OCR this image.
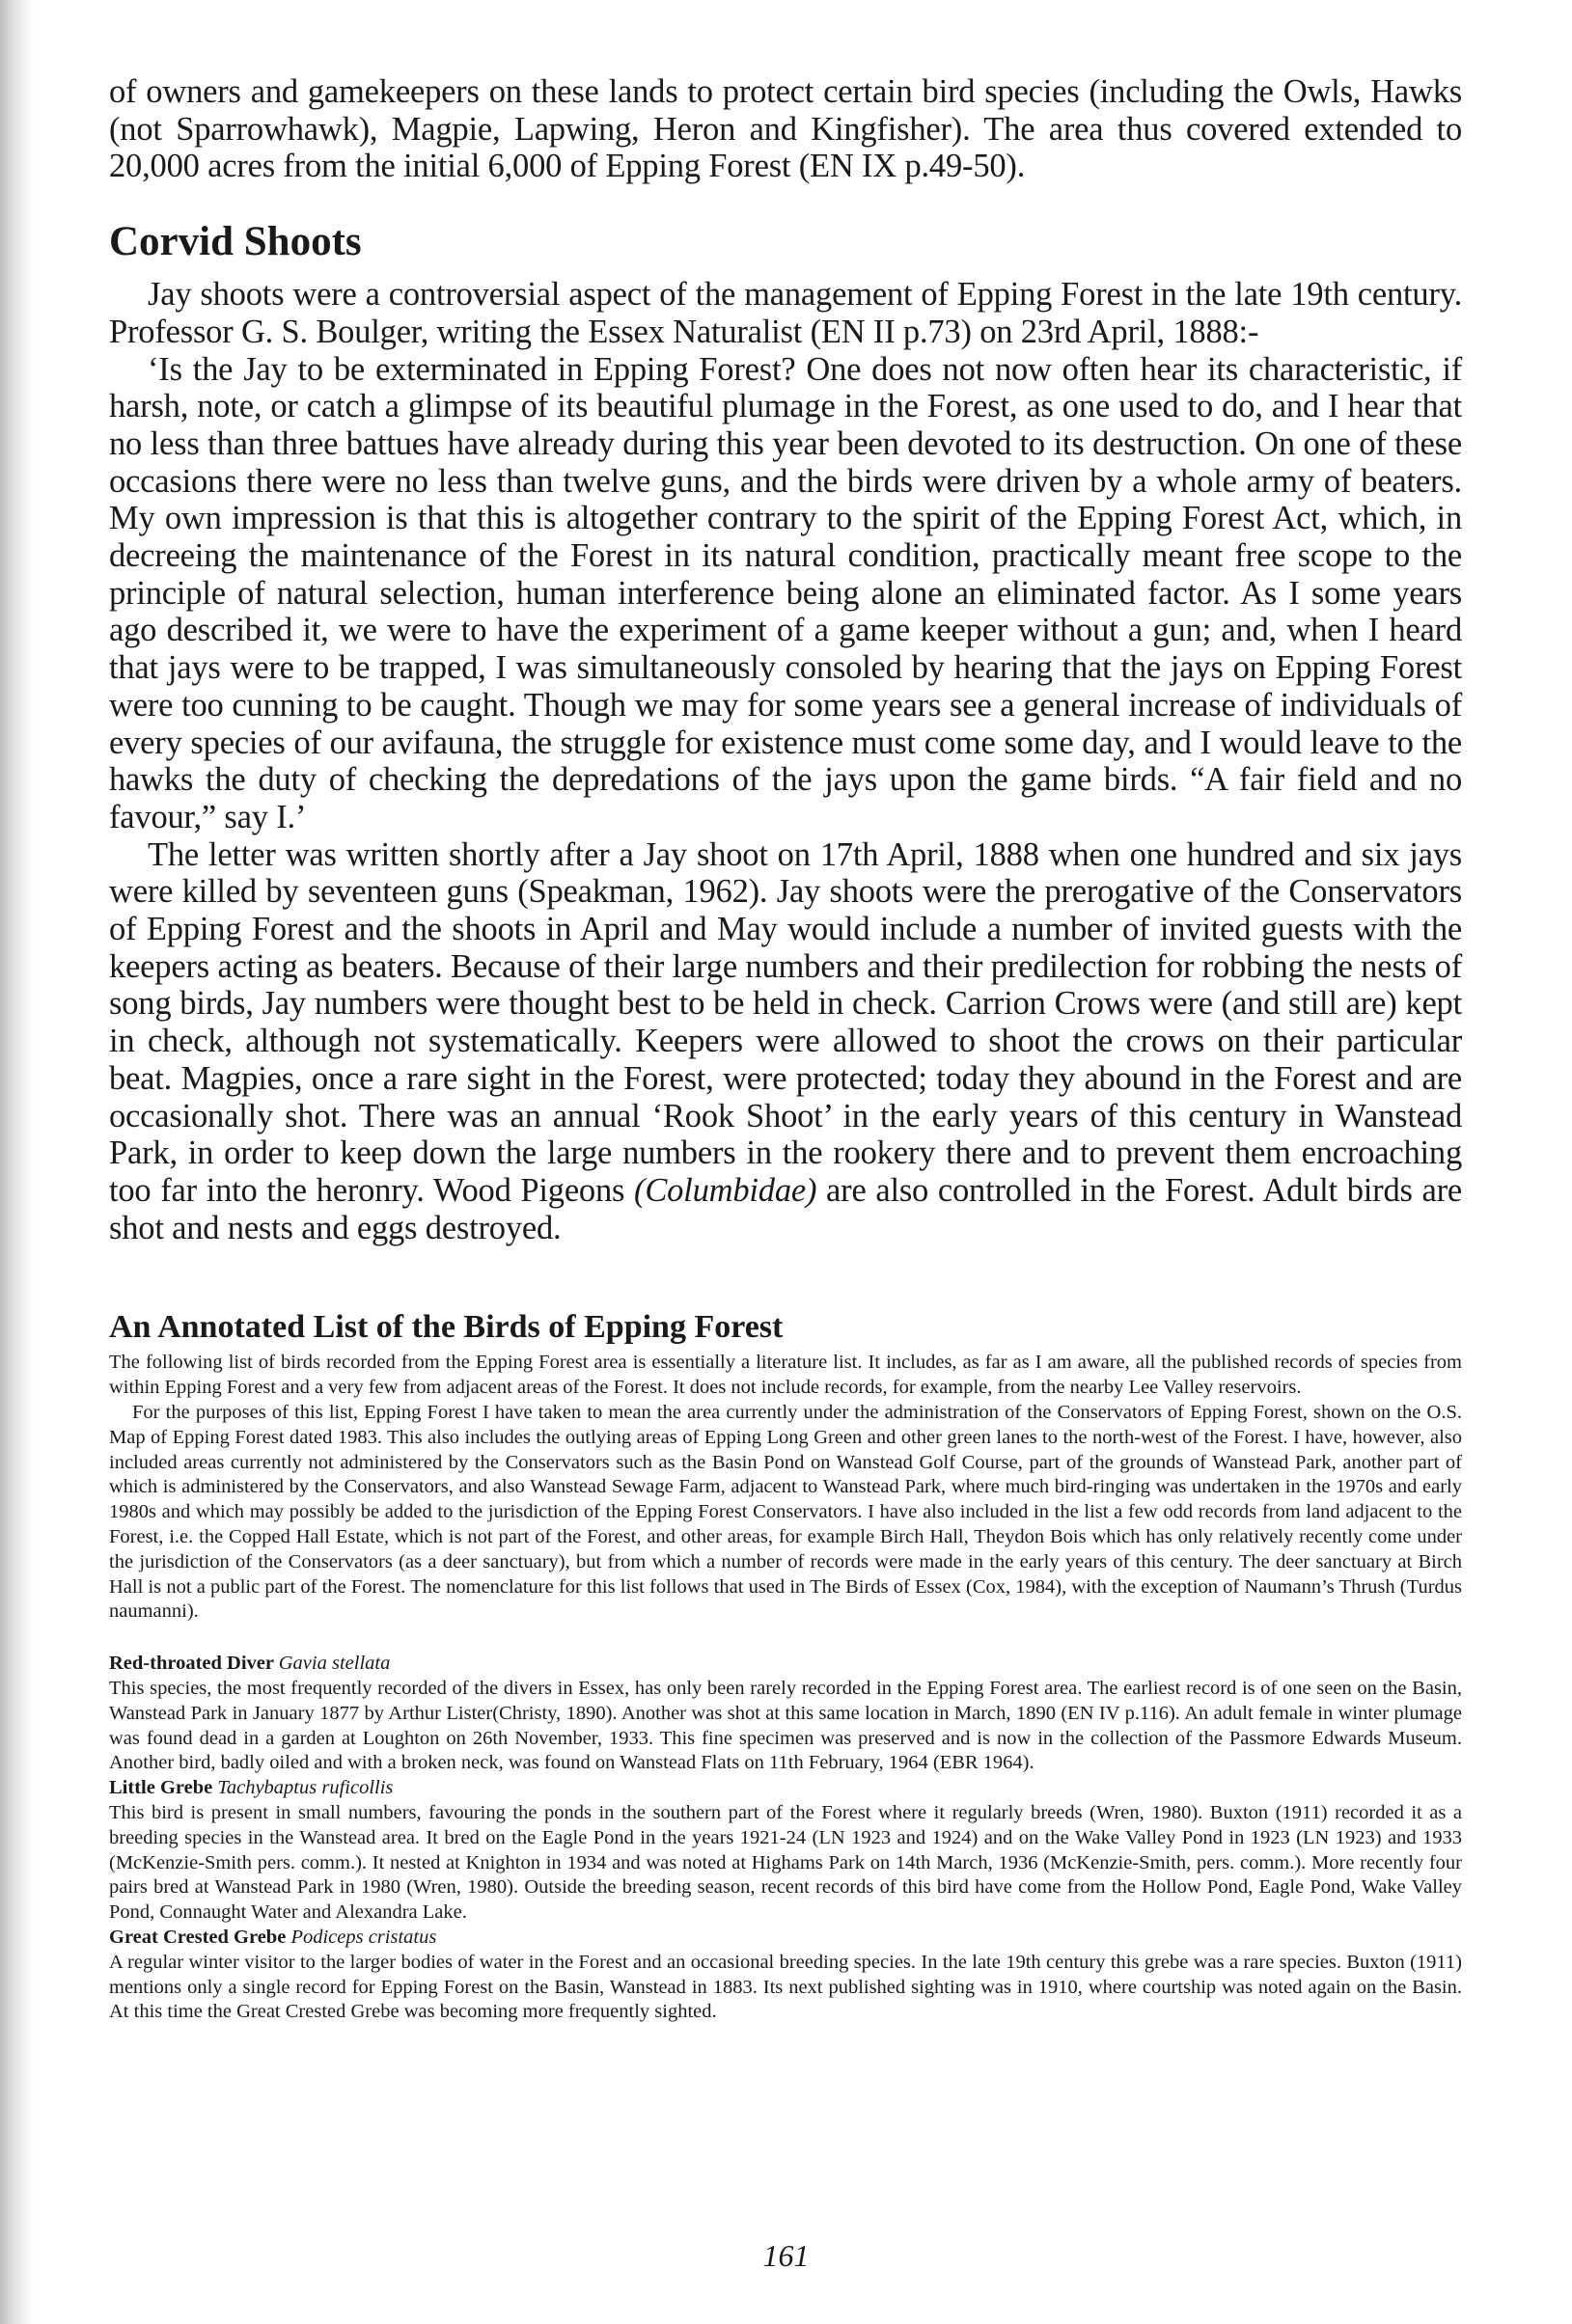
of owners and gamekeepers on these lands to protect certain bird species (including the Owls, Hawks (not Sparrowhawk), Magpie, Lapwing, Heron and Kingfisher). The area thus covered extended to 20,000 acres from the initial 6,000 of Epping Forest (EN IX p.49-50).

Corvid Shoots

Jay shoots were a controversial aspect of the management of Epping Forest in the late 19th century. Professor G. S. Boulger, writing the Essex Naturalist (EN II p.73) on 23rd April, 1888:-

‘Is the Jay to be exterminated in Epping Forest? One does not now often hear its characteristic, if harsh, note, or catch a glimpse of its beautiful plumage in the Forest, as one used to do, and I hear that no less than three battues have already during this year been devoted to its destruction. On one of these occasions there were no less than twelve guns, and the birds were driven by a whole army of beaters. My own impression is that this is altogether contrary to the spirit of the Epping Forest Act, which, in decreeing the maintenance of the Forest in its natural condition, practically meant free scope to the principle of natural selection, human interference being alone an eliminated factor. As I some years ago described it, we were to have the experiment of a game keeper without a gun; and, when I heard that jays were to be trapped, I was simultaneously consoled by hearing that the jays on Epping Forest were too cunning to be caught. Though we may for some years see a general increase of individuals of every species of our avifauna, the struggle for existence must come some day, and I would leave to the hawks the duty of checking the depredations of the jays upon the game birds. “A fair field and no favour,” say I.’

The letter was written shortly after a Jay shoot on 17th April, 1888 when one hundred and six jays were killed by seventeen guns (Speakman, 1962). Jay shoots were the prerogative of the Conservators of Epping Forest and the shoots in April and May would include a number of invited guests with the keepers acting as beaters. Because of their large numbers and their predilection for robbing the nests of song birds, Jay numbers were thought best to be held in check. Carrion Crows were (and still are) kept in check, although not systematically. Keepers were allowed to shoot the crows on their particular beat. Magpies, once a rare sight in the Forest, were protected; today they abound in the Forest and are occasionally shot. There was an annual ‘Rook Shoot’ in the early years of this century in Wanstead Park, in order to keep down the large numbers in the rookery there and to prevent them encroaching too far into the heronry. Wood Pigeons (Columbidae) are also controlled in the Forest. Adult birds are shot and nests and eggs destroyed.

An Annotated List of the Birds of Epping Forest

The following list of birds recorded from the Epping Forest area is essentially a literature list. It includes, as far as I am aware, all the published records of species from within Epping Forest and a very few from adjacent areas of the Forest. It does not include records, for example, from the nearby Lee Valley reservoirs.

For the purposes of this list, Epping Forest I have taken to mean the area currently under the administration of the Conservators of Epping Forest, shown on the O.S. Map of Epping Forest dated 1983. This also includes the outlying areas of Epping Long Green and other green lanes to the north-west of the Forest. I have, however, also included areas currently not administered by the Conservators such as the Basin Pond on Wanstead Golf Course, part of the grounds of Wanstead Park, another part of which is administered by the Conservators, and also Wanstead Sewage Farm, adjacent to Wanstead Park, where much bird-ringing was undertaken in the 1970s and early 1980s and which may possibly be added to the jurisdiction of the Epping Forest Conservators. I have also included in the list a few odd records from land adjacent to the Forest, i.e. the Copped Hall Estate, which is not part of the Forest, and other areas, for example Birch Hall, Theydon Bois which has only relatively recently come under the jurisdiction of the Conservators (as a deer sanctuary), but from which a number of records were made in the early years of this century. The deer sanctuary at Birch Hall is not a public part of the Forest. The nomenclature for this list follows that used in The Birds of Essex (Cox, 1984), with the exception of Naumann’s Thrush (Turdus naumanni).

Red-throated Diver Gavia stellata

This species, the most frequently recorded of the divers in Essex, has only been rarely recorded in the Epping Forest area. The earliest record is of one seen on the Basin, Wanstead Park in January 1877 by Arthur Lister(Christy, 1890). Another was shot at this same location in March, 1890 (EN IV p.116). An adult female in winter plumage was found dead in a garden at Loughton on 26th November, 1933. This fine specimen was preserved and is now in the collection of the Passmore Edwards Museum. Another bird, badly oiled and with a broken neck, was found on Wanstead Flats on 11th February, 1964 (EBR 1964).

Little Grebe Tachybaptus ruficollis

This bird is present in small numbers, favouring the ponds in the southern part of the Forest where it regularly breeds (Wren, 1980). Buxton (1911) recorded it as a breeding species in the Wanstead area. It bred on the Eagle Pond in the years 1921-24 (LN 1923 and 1924) and on the Wake Valley Pond in 1923 (LN 1923) and 1933 (McKenzie-Smith pers. comm.). It nested at Knighton in 1934 and was noted at Highams Park on 14th March, 1936 (McKenzie-Smith, pers. comm.). More recently four pairs bred at Wanstead Park in 1980 (Wren, 1980). Outside the breeding season, recent records of this bird have come from the Hollow Pond, Eagle Pond, Wake Valley Pond, Connaught Water and Alexandra Lake.

Great Crested Grebe Podiceps cristatus

A regular winter visitor to the larger bodies of water in the Forest and an occasional breeding species. In the late 19th century this grebe was a rare species. Buxton (1911) mentions only a single record for Epping Forest on the Basin, Wanstead in 1883. Its next published sighting was in 1910, where courtship was noted again on the Basin. At this time the Great Crested Grebe was becoming more frequently sighted.

161
